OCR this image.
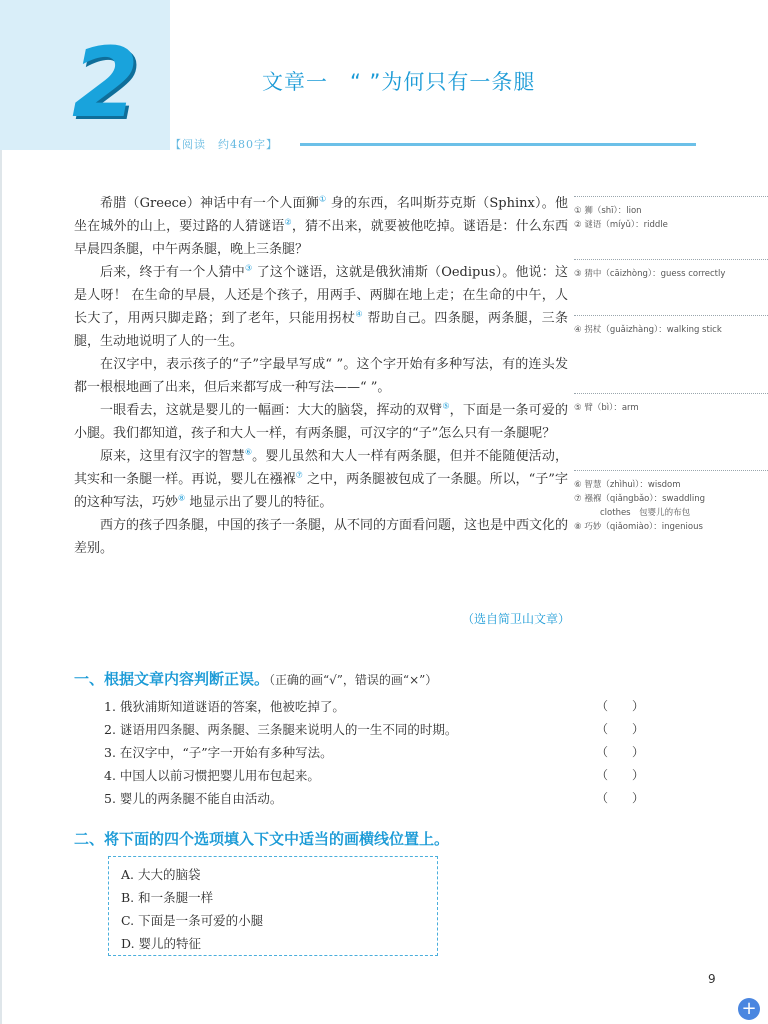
2	文章一　“ ”为何只有一条腿
【阅读　约480字】

希腊（Greece）神话中有一个人面狮① 身的东西，名叫斯芬克斯（Sphinx）。他坐在城外的山上，要过路的人猜谜语②，猜不出来，就要被他吃掉。谜语是：什么东西早晨四条腿，中午两条腿，晚上三条腿？

后来，终于有一个人猜中③ 了这个谜语，这就是俄狄浦斯（Oedipus）。他说：这是人呀！ 在生命的早晨，人还是个孩子，用两手、两脚在地上走；在生命的中午，人长大了，用两只脚走路；到了老年，只能用拐杖④ 帮助自己。四条腿，两条腿，三条腿，生动地说明了人的一生。

在汉字中，表示孩子的“子”字最早写成“ ”。这个字开始有多种写法，有的连头发都一根根地画了出来，但后来都写成一种写法——“ ”。

一眼看去，这就是婴儿的一幅画：大大的脑袋，挥动的双臂⑤，下面是一条可爱的小腿。我们都知道，孩子和大人一样，有两条腿，可汉字的“子”怎么只有一条腿呢？

原来，这里有汉字的智慧⑥。婴儿虽然和大人一样有两条腿，但并不能随便活动，其实和一条腿一样。再说，婴儿在襁褓⑦ 之中，两条腿被包成了一条腿。所以，“子”字的这种写法，巧妙⑧ 地显示出了婴儿的特征。

西方的孩子四条腿，中国的孩子一条腿，从不同的方面看问题，这也是中西文化的差别。

（选自简卫山文章）
① 狮（shī）：lion
② 谜语（míyǔ）：riddle
③ 猜中（cāizhòng）：guess correctly
④ 拐杖（guǎizhàng）：walking stick
⑤ 臂（bì）：arm
⑥ 智慧（zhìhuì）：wisdom
⑦ 襁褓（qiǎngbǎo）：swaddling
clothes　包婴儿的布包
⑧ 巧妙（qiǎomiào）：ingenious
一、根据文章内容判断正误。（正确的画“√”，错误的画“×”）
1. 俄狄浦斯知道谜语的答案，他被吃掉了。	（　　）
2. 谜语用四条腿、两条腿、三条腿来说明人的一生不同的时期。	（　　）
3. 在汉字中，“子”字一开始有多种写法。	（　　）
4. 中国人以前习惯把婴儿用布包起来。	（　　）
5. 婴儿的两条腿不能自由活动。	（　　）
二、将下面的四个选项填入下文中适当的画横线位置上。
A. 大大的脑袋
B. 和一条腿一样
C. 下面是一条可爱的小腿
D. 婴儿的特征
9
+
